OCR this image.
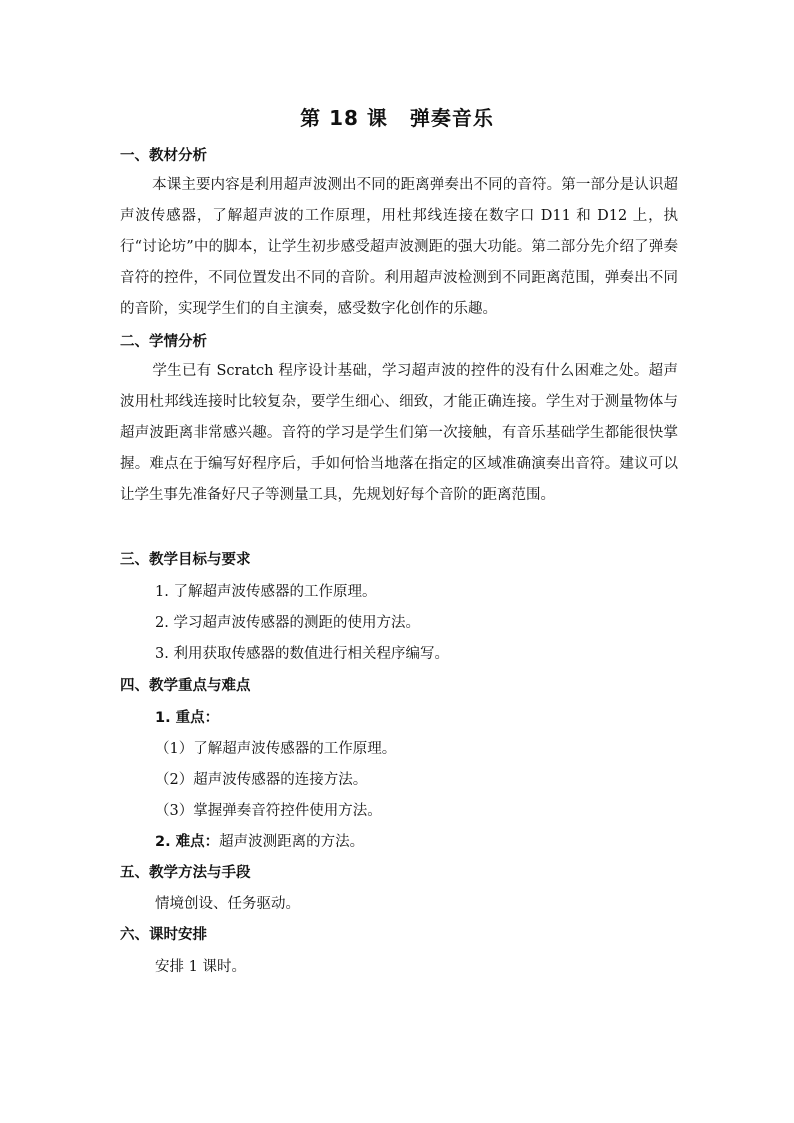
第 18 课 弹奏音乐
一、教材分析
本课主要内容是利用超声波测出不同的距离弹奏出不同的音符。第一部分是认识超声波传感器，了解超声波的工作原理，用杜邦线连接在数字口 D11 和 D12 上，执行“讨论坊”中的脚本，让学生初步感受超声波测距的强大功能。第二部分先介绍了弹奏音符的控件，不同位置发出不同的音阶。利用超声波检测到不同距离范围，弹奏出不同的音阶，实现学生们的自主演奏，感受数字化创作的乐趣。
二、学情分析
学生已有 Scratch 程序设计基础，学习超声波的控件的没有什么困难之处。超声波用杜邦线连接时比较复杂，要学生细心、细致，才能正确连接。学生对于测量物体与超声波距离非常感兴趣。音符的学习是学生们第一次接触，有音乐基础学生都能很快掌握。难点在于编写好程序后，手如何恰当地落在指定的区域准确演奏出音符。建议可以让学生事先准备好尺子等测量工具，先规划好每个音阶的距离范围。
三、教学目标与要求
1. 了解超声波传感器的工作原理。
2. 学习超声波传感器的测距的使用方法。
3. 利用获取传感器的数值进行相关程序编写。
四、教学重点与难点
1. 重点：
（1）了解超声波传感器的工作原理。
（2）超声波传感器的连接方法。
（3）掌握弹奏音符控件使用方法。
2. 难点：超声波测距离的方法。
五、教学方法与手段
情境创设、任务驱动。
六、课时安排
安排 1 课时。
